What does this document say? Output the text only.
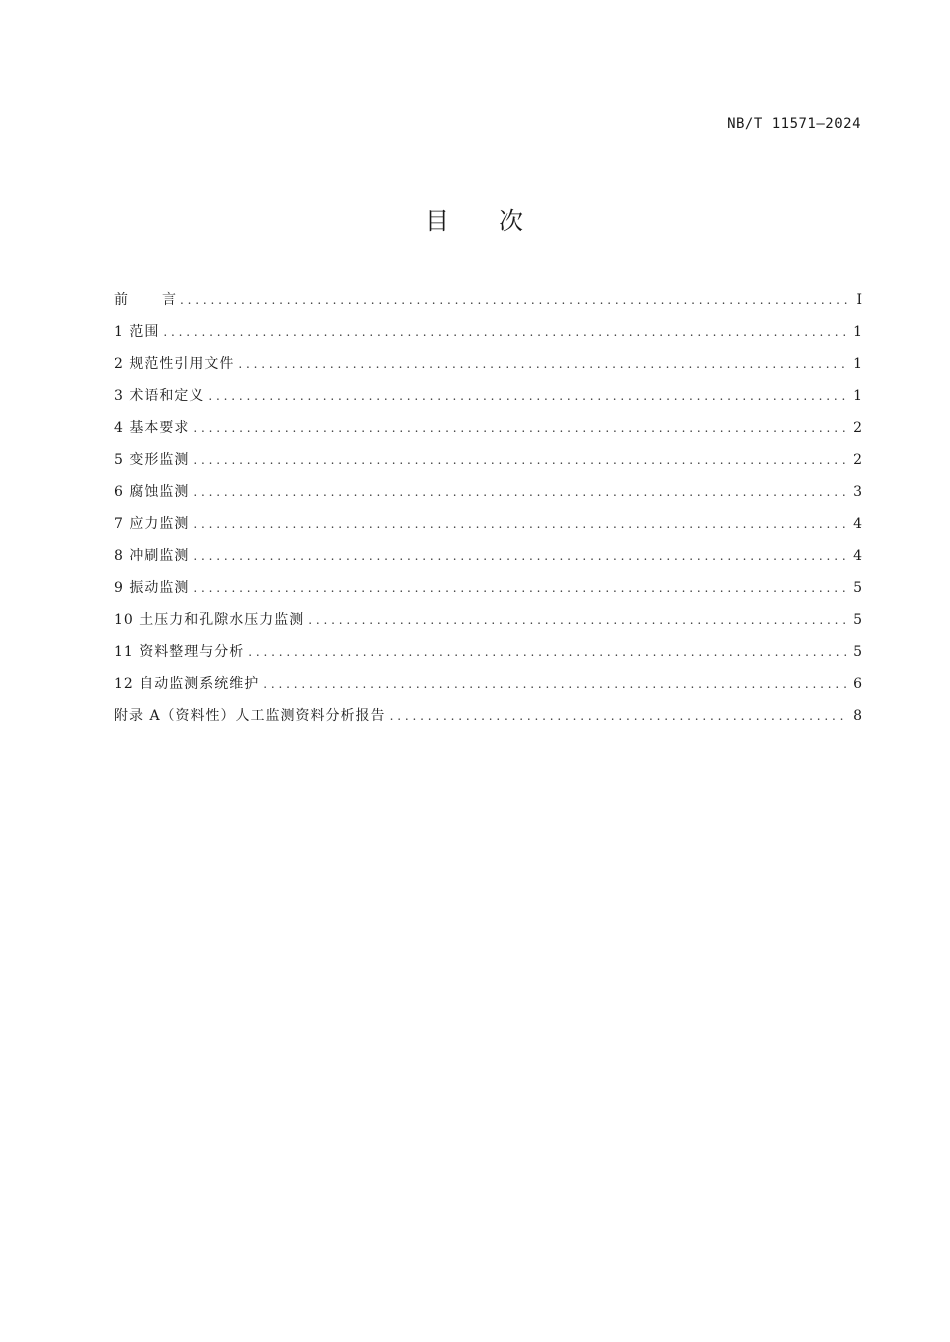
NB/T 11571—2024
目 次
前 言 . . .	I
1 范围 . . .	1
2 规范性引用文件 . . .	1
3 术语和定义 . . .	1
4 基本要求 . . .	2
5 变形监测 . . .	2
6 腐蚀监测 . . .	3
7 应力监测 . . .	4
8 冲刷监测 . . .	4
9 振动监测 . . .	5
10 土压力和孔隙水压力监测 . . .	5
11 资料整理与分析 . . .	5
12 自动监测系统维护 . . .	6
附录 A（资料性）人工监测资料分析报告 . . .	8
